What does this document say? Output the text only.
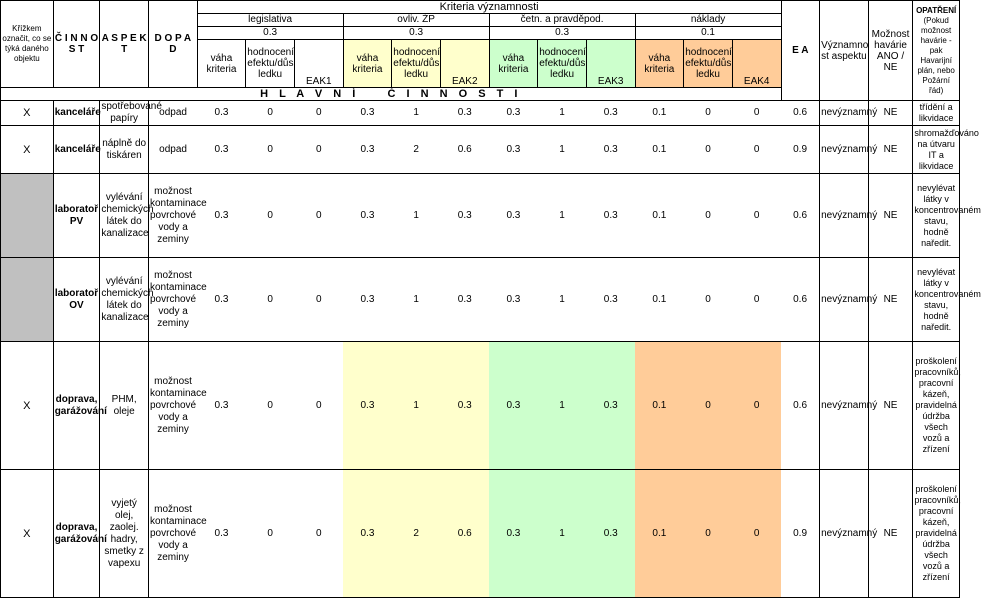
Křížkem označit, co se týká daného objektu	Č I N N O S T	A S P E K T	D O P A D	Kriteria významnosti												E A	Významno st aspektu	Možnost havárie ANO / NE	OPATŘENÍ
(Pokud možnost havárie - pak Havarijní plán, nebo Požární řád)
				legislativa			ovliv. ŽP			četn. a pravděpod.			náklady						
				0.3			0.3			0.3			0.1						
				váha kriteria	hodnocení efektu/důs ledku	EAK1	váha kriteria	hodnocení efektu/důs ledku	EAK2	váha kriteria	hodnocení efektu/důs ledku	EAK3	váha kriteria	hodnocení efektu/důs ledku	EAK4				
H L A V N Í Č I N N O S T I																			
X	kanceláře	spotřebované papíry	odpad	0.3	0	0	0.3	1	0.3	0.3	1	0.3	0.1	0	0	0.6	nevýznamný	NE	třídění a likvidace
X	kanceláře	náplně do tiskáren	odpad	0.3	0	0	0.3	2	0.6	0.3	1	0.3	0.1	0	0	0.9	nevýznamný	NE	shromažďováno na útvaru IT a likvidace
	laboratoř PV	vylévání chemických látek do kanalizace	možnost kontaminace povrchové vody a zeminy	0.3	0	0	0.3	1	0.3	0.3	1	0.3	0.1	0	0	0.6	nevýznamný	NE	nevylévat látky v koncentrovaném stavu, hodně naředit.
	laboratoř OV	vylévání chemických látek do kanalizace	možnost kontaminace povrchové vody a zeminy	0.3	0	0	0.3	1	0.3	0.3	1	0.3	0.1	0	0	0.6	nevýznamný	NE	nevylévat látky v koncentrovaném stavu, hodně naředit.
X	doprava, garážování	PHM, oleje	možnost kontaminace povrchové vody a zeminy	0.3	0	0	0.3	1	0.3	0.3	1	0.3	0.1	0	0	0.6	nevýznamný	NE	proškolení pracovníků, pracovní kázeň, pravidelná údržba všech vozů a zřízení
X	doprava, garážování	vyjetý olej, zaolej. hadry, smetky z vapexu	možnost kontaminace povrchové vody a zeminy	0.3	0	0	0.3	2	0.6	0.3	1	0.3	0.1	0	0	0.9	nevýznamný	NE	proškolení pracovníků, pracovní kázeň, pravidelná údržba všech vozů a zřízení
